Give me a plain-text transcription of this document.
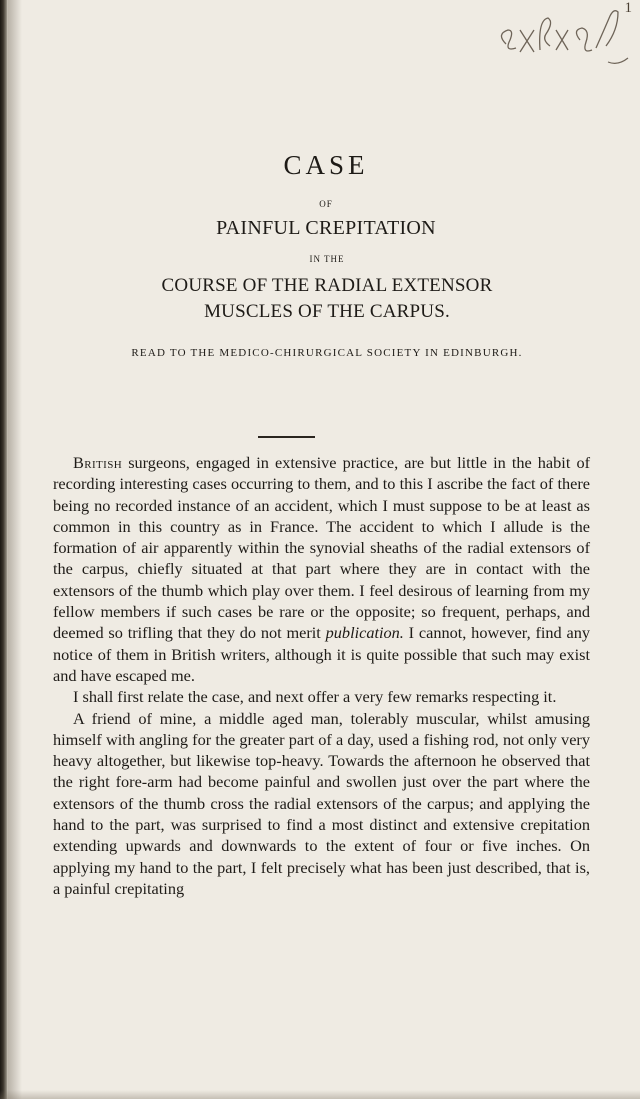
1
CASE
OF
PAINFUL CREPITATION
IN THE
COURSE OF THE RADIAL EXTENSOR
MUSCLES OF THE CARPUS.
READ TO THE MEDICO-CHIRURGICAL SOCIETY IN EDINBURGH.

British surgeons, engaged in extensive practice, are but little in the habit of recording interesting cases occurring to them, and to this I ascribe the fact of there being no recorded instance of an accident, which I must suppose to be at least as common in this country as in France. The accident to which I allude is the formation of air apparently within the synovial sheaths of the radial extensors of the carpus, chiefly situated at that part where they are in contact with the extensors of the thumb which play over them. I feel desirous of learning from my fellow members if such cases be rare or the opposite; so frequent, perhaps, and deemed so trifling that they do not merit publication. I cannot, however, find any notice of them in British writers, although it is quite possible that such may exist and have escaped me.

I shall first relate the case, and next offer a very few remarks respecting it.

A friend of mine, a middle aged man, tolerably muscular, whilst amusing himself with angling for the greater part of a day, used a fishing rod, not only very heavy altogether, but likewise top-heavy. Towards the afternoon he observed that the right fore-arm had become painful and swollen just over the part where the extensors of the thumb cross the radial extensors of the carpus; and applying the hand to the part, was surprised to find a most distinct and extensive crepitation extending upwards and downwards to the extent of four or five inches. On applying my hand to the part, I felt precisely what has been just described, that is, a painful crepitating
